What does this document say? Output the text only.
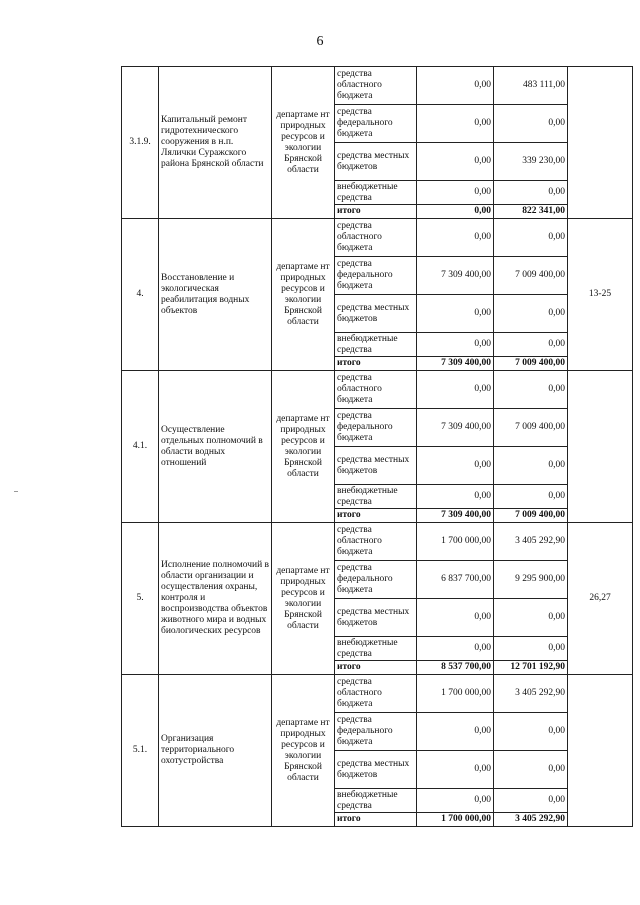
6
3.1.9.	Капитальный ремонт гидротехнического сооружения в н.п. Лялички Суражского района Брянской области	департаме нт природных ресурсов и экологии Брянской области	средства областного бюджета	0,00	483 111,00	
			средства федерального бюджета	0,00	0,00	
			средства местных бюджетов	0,00	339 230,00	
			внебюджетные средства	0,00	0,00	
			итого	0,00	822 341,00	
4.	Восстановление и экологическая реабилитация водных объектов	департаме нт природных ресурсов и экологии Брянской области	средства областного бюджета	0,00	0,00	13-25
			средства федерального бюджета	7 309 400,00	7 009 400,00	
			средства местных бюджетов	0,00	0,00	
			внебюджетные средства	0,00	0,00	
			итого	7 309 400,00	7 009 400,00	
4.1.	Осуществление отдельных полномочий в области водных отношений	департаме нт природных ресурсов и экологии Брянской области	средства областного бюджета	0,00	0,00	
			средства федерального бюджета	7 309 400,00	7 009 400,00	
			средства местных бюджетов	0,00	0,00	
			внебюджетные средства	0,00	0,00	
			итого	7 309 400,00	7 009 400,00	
5.	Исполнение полномочий в области организации и осуществления охраны, контроля и воспроизводства объектов животного мира и водных биологических ресурсов	департаме нт природных ресурсов и экологии Брянской области	средства областного бюджета	1 700 000,00	3 405 292,90	26,27
			средства федерального бюджета	6 837 700,00	9 295 900,00	
			средства местных бюджетов	0,00	0,00	
			внебюджетные средства	0,00	0,00	
			итого	8 537 700,00	12 701 192,90	
5.1.	Организация территориального охотустройства	департаме нт природных ресурсов и экологии Брянской области	средства областного бюджета	1 700 000,00	3 405 292,90	
			средства федерального бюджета	0,00	0,00	
			средства местных бюджетов	0,00	0,00	
			внебюджетные средства	0,00	0,00	
			итого	1 700 000,00	3 405 292,90	
